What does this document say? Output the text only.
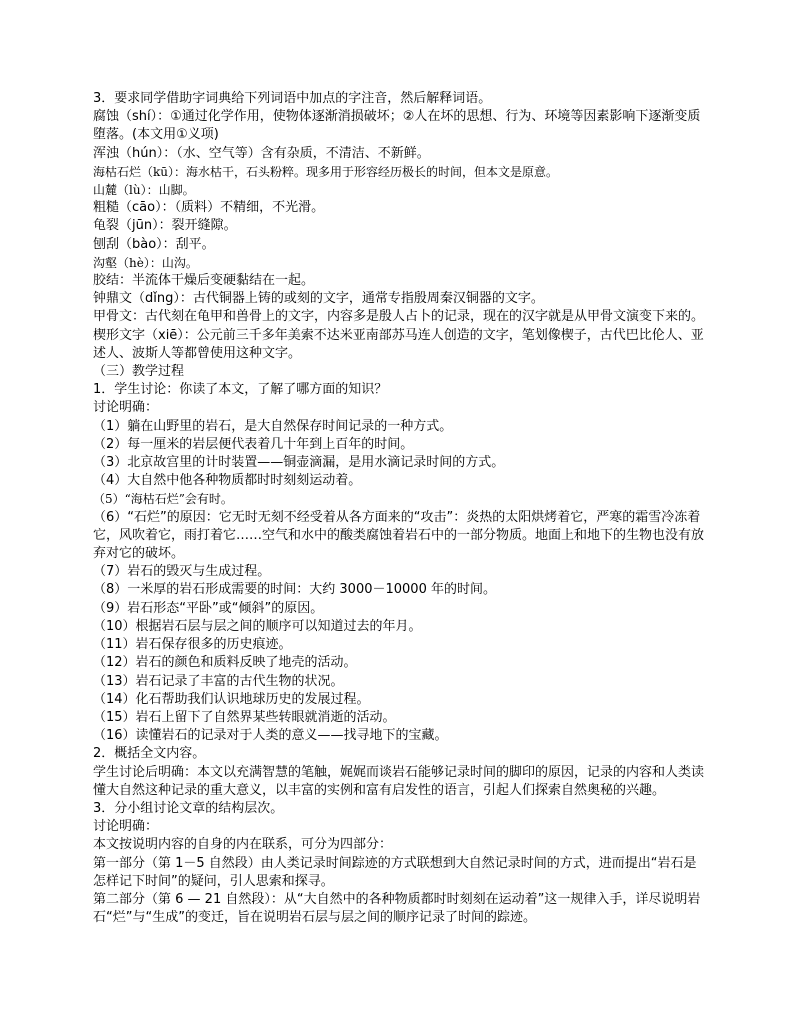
3．要求同学借助字词典给下列词语中加点的字注音，然后解释词语。
腐蚀（shí）：①通过化学作用，使物体逐渐消损破坏；②人在坏的思想、行为、环境等因素影响下逐渐变质堕落。(本文用①义项)
浑浊（hún）：（水、空气等）含有杂质，不清洁、不新鲜。
海枯石烂（kū）：海水枯干，石头粉粹。现多用于形容经历极长的时间，但本文是原意。
山麓（lù）：山脚。
粗糙（cāo）：（质料）不精细，不光滑。
龟裂（jūn）：裂开缝隙。
刨刮（bào）：刮平。
沟壑（hè）：山沟。
胶结：半流体干燥后变硬黏结在一起。
钟鼎文（dǐng）：古代铜器上铸的或刻的文字，通常专指殷周秦汉铜器的文字。
甲骨文：古代刻在龟甲和兽骨上的文字，内容多是殷人占卜的记录，现在的汉字就是从甲骨文演变下来的。
楔形文字（xiē）：公元前三千多年美索不达米亚南部苏马连人创造的文字，笔划像楔子，古代巴比伦人、亚述人、波斯人等都曾使用这种文字。
（三）教学过程
1．学生讨论：你读了本文，了解了哪方面的知识？
讨论明确：
（1）躺在山野里的岩石，是大自然保存时间记录的一种方式。
（2）每一厘米的岩层便代表着几十年到上百年的时间。
（3）北京故宫里的计时装置——铜壶滴漏，是用水滴记录时间的方式。
（4）大自然中他各种物质都时时刻刻运动着。
（5）“海枯石烂”会有时。
（6）“石烂”的原因：它无时无刻不经受着从各方面来的“攻击”：炎热的太阳烘烤着它，严寒的霜雪冷冻着它，风吹着它，雨打着它……空气和水中的酸类腐蚀着岩石中的一部分物质。地面上和地下的生物也没有放弃对它的破坏。
（7）岩石的毁灭与生成过程。
（8）一米厚的岩石形成需要的时间：大约 3000－10000 年的时间。
（9）岩石形态“平卧”或“倾斜”的原因。
（10）根据岩石层与层之间的顺序可以知道过去的年月。
（11）岩石保存很多的历史痕迹。
（12）岩石的颜色和质料反映了地壳的活动。
（13）岩石记录了丰富的古代生物的状况。
（14）化石帮助我们认识地球历史的发展过程。
（15）岩石上留下了自然界某些转眼就消逝的活动。
（16）读懂岩石的记录对于人类的意义——找寻地下的宝藏。
2．概括全文内容。
学生讨论后明确：本文以充满智慧的笔触，娓娓而谈岩石能够记录时间的脚印的原因，记录的内容和人类读懂大自然这种记录的重大意义，以丰富的实例和富有启发性的语言，引起人们探索自然奥秘的兴趣。
3．分小组讨论文章的结构层次。
讨论明确：
本文按说明内容的自身的内在联系，可分为四部分：
第一部分（第 1－5 自然段）由人类记录时间踪迹的方式联想到大自然记录时间的方式，进而提出“岩石是怎样记下时间”的疑问，引人思索和探寻。
第二部分（第 6 — 21 自然段）：从“大自然中的各种物质都时时刻刻在运动着”这一规律入手，详尽说明岩石“烂”与“生成”的变迁，旨在说明岩石层与层之间的顺序记录了时间的踪迹。
